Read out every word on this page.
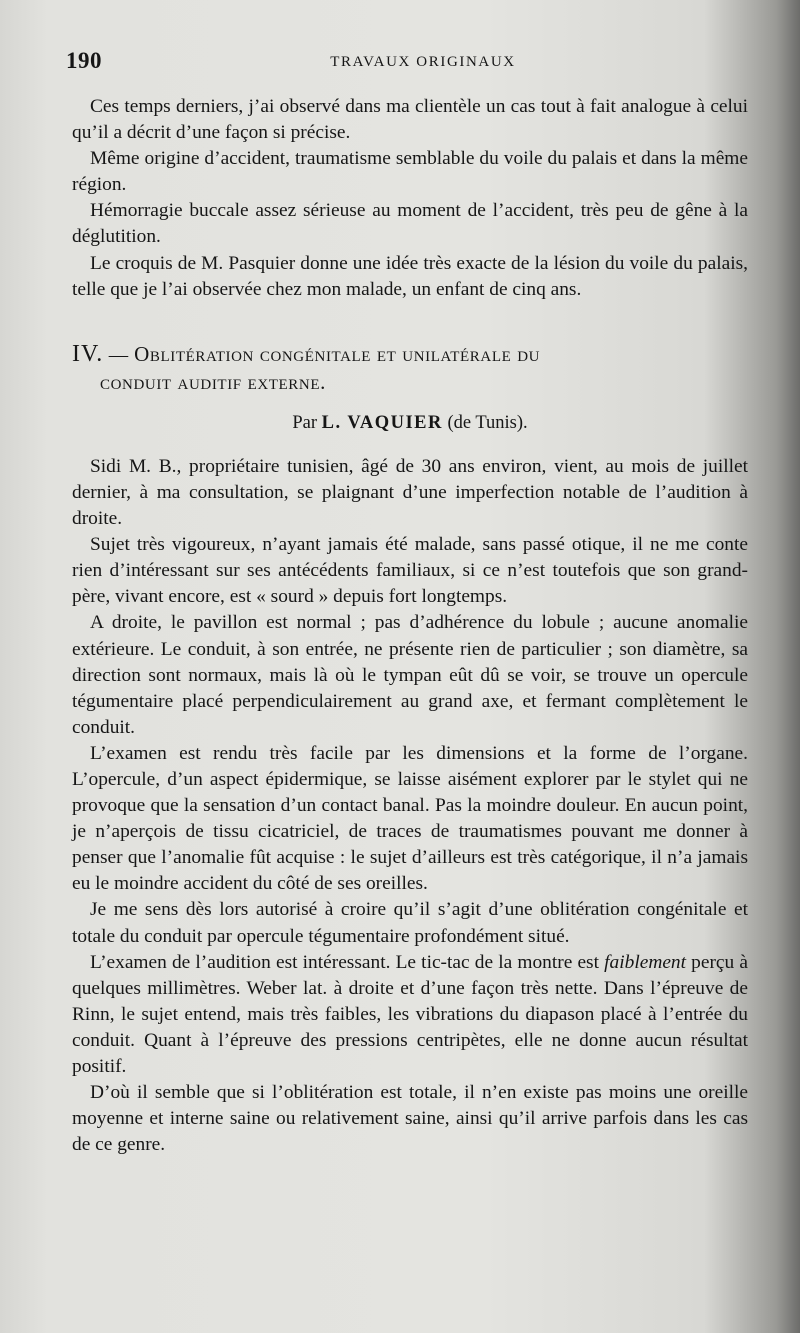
190	TRAVAUX ORIGINAUX

Ces temps derniers, j’ai observé dans ma clientèle un cas tout à fait analogue à celui qu’il a décrit d’une façon si précise.

Même origine d’accident, traumatisme semblable du voile du palais et dans la même région.

Hémorragie buccale assez sérieuse au moment de l’accident, très peu de gêne à la déglutition.

Le croquis de M. Pasquier donne une idée très exacte de la lésion du voile du palais, telle que je l’ai observée chez mon malade, un enfant de cinq ans.

IV. — Oblitération congénitale et unilatérale du
conduit auditif externe.
Par L. VAQUIER (de Tunis).

Sidi M. B., propriétaire tunisien, âgé de 30 ans environ, vient, au mois de juillet dernier, à ma consultation, se plaignant d’une imperfection notable de l’audition à droite.

Sujet très vigoureux, n’ayant jamais été malade, sans passé otique, il ne me conte rien d’intéressant sur ses antécédents familiaux, si ce n’est toutefois que son grand-père, vivant encore, est « sourd » depuis fort longtemps.

A droite, le pavillon est normal ; pas d’adhérence du lobule ; aucune anomalie extérieure. Le conduit, à son entrée, ne présente rien de particulier ; son diamètre, sa direction sont normaux, mais là où le tympan eût dû se voir, se trouve un opercule tégumentaire placé perpendiculairement au grand axe, et fermant complètement le conduit.

L’examen est rendu très facile par les dimensions et la forme de l’organe. L’opercule, d’un aspect épidermique, se laisse aisément explorer par le stylet qui ne provoque que la sensation d’un contact banal. Pas la moindre douleur. En aucun point, je n’aperçois de tissu cicatriciel, de traces de traumatismes pouvant me donner à penser que l’anomalie fût acquise : le sujet d’ailleurs est très catégorique, il n’a jamais eu le moindre accident du côté de ses oreilles.

Je me sens dès lors autorisé à croire qu’il s’agit d’une oblitération congénitale et totale du conduit par opercule tégumentaire profondément situé.

L’examen de l’audition est intéressant. Le tic-tac de la montre est faiblement perçu à quelques millimètres. Weber lat. à droite et d’une façon très nette. Dans l’épreuve de Rinn, le sujet entend, mais très faibles, les vibrations du diapason placé à l’entrée du conduit. Quant à l’épreuve des pressions centripètes, elle ne donne aucun résultat positif.

D’où il semble que si l’oblitération est totale, il n’en existe pas moins une oreille moyenne et interne saine ou relativement saine, ainsi qu’il arrive parfois dans les cas de ce genre.
